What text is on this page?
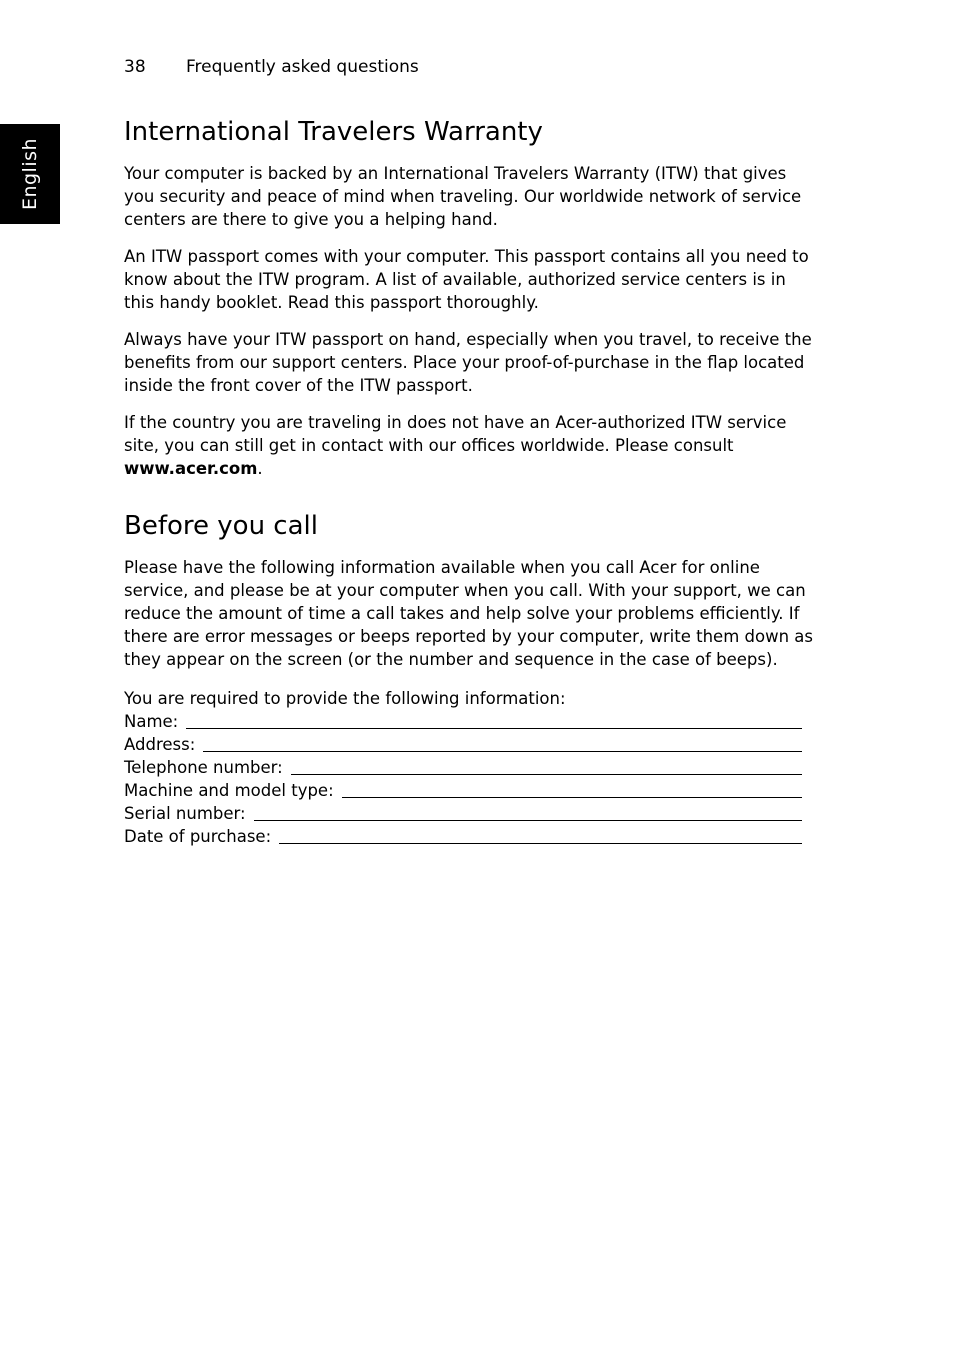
English
38 Frequently asked questions
International Travelers Warranty

Your computer is backed by an International Travelers Warranty (ITW) that gives you security and peace of mind when traveling. Our worldwide network of service centers are there to give you a helping hand.

An ITW passport comes with your computer. This passport contains all you need to know about the ITW program. A list of available, authorized service centers is in this handy booklet. Read this passport thoroughly.

Always have your ITW passport on hand, especially when you travel, to receive the benefits from our support centers. Place your proof-of-purchase in the flap located inside the front cover of the ITW passport.

If the country you are traveling in does not have an Acer-authorized ITW service site, you can still get in contact with our offices worldwide. Please consult www.acer.com.

Before you call

Please have the following information available when you call Acer for online service, and please be at your computer when you call. With your support, we can reduce the amount of time a call takes and help solve your problems efficiently. If there are error messages or beeps reported by your computer, write them down as they appear on the screen (or the number and sequence in the case of beeps).

You are required to provide the following information:
Name:
Address:
Telephone number:
Machine and model type:
Serial number:
Date of purchase:
